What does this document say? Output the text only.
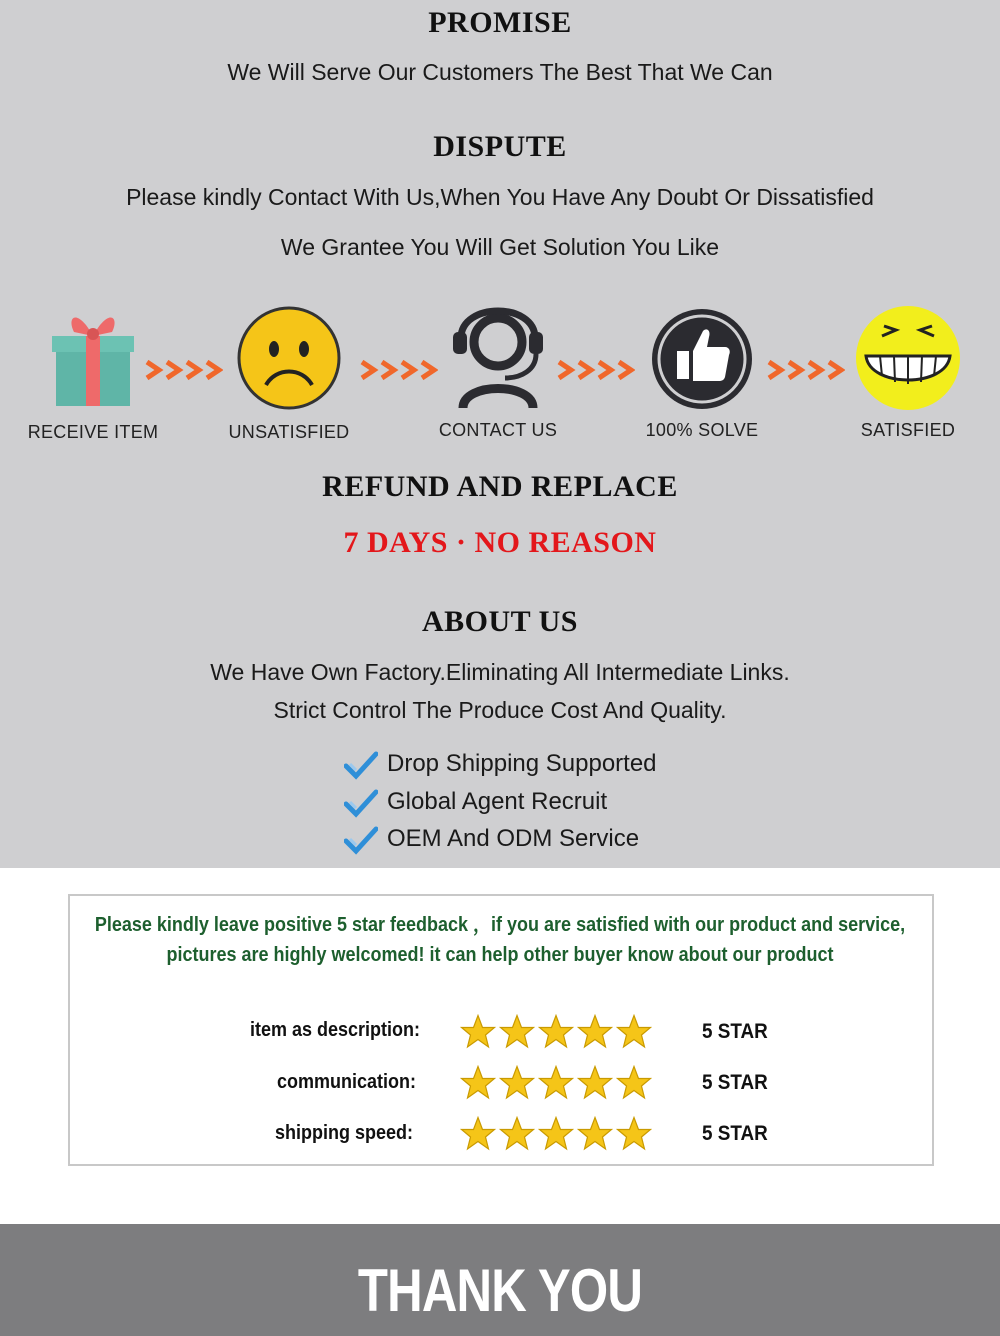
PROMISE
We Will Serve Our Customers The Best That We Can
DISPUTE
Please kindly Contact With Us,When You Have Any Doubt Or Dissatisfied
We Grantee You Will Get Solution You Like
RECEIVE ITEM	UNSATISFIED	CONTACT US	100% SOLVE	SATISFIED
REFUND AND REPLACE
7 DAYS · NO REASON
ABOUT US
We Have Own Factory.Eliminating All Intermediate Links.
Strict Control The Produce Cost And Quality.
Drop Shipping Supported
Global Agent Recruit
OEM And ODM Service
Please kindly leave positive 5 star feedback ，if you are satisfied with our product and service,
pictures are highly welcomed! it can help other buyer know about our product
item as description:	5 STAR
communication:	5 STAR
shipping speed:	5 STAR
THANK YOU
